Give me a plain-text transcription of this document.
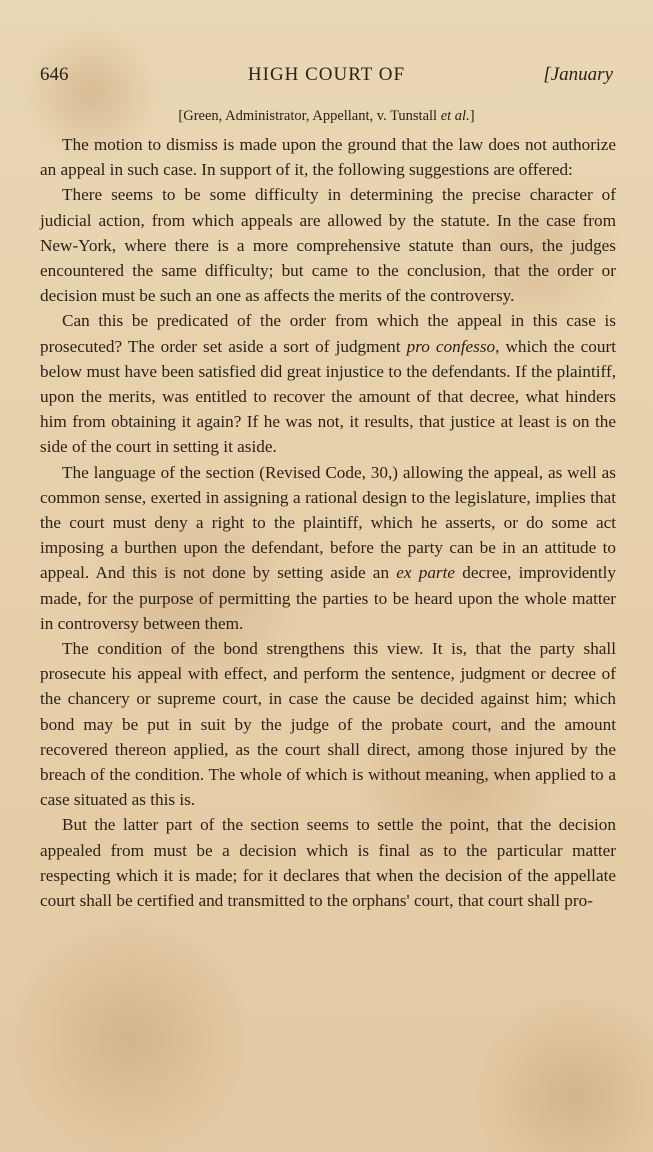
646	HIGH COURT OF	[January
[Green, Administrator, Appellant, v. Tunstall et al.]

The motion to dismiss is made upon the ground that the law does not authorize an appeal in such case. In support of it, the following suggestions are offered:

There seems to be some difficulty in determining the precise character of judicial action, from which appeals are allowed by the statute. In the case from New-York, where there is a more comprehensive statute than ours, the judges encountered the same difficulty; but came to the conclusion, that the order or decision must be such an one as affects the merits of the controversy.

Can this be predicated of the order from which the appeal in this case is prosecuted? The order set aside a sort of judgment pro confesso, which the court below must have been satisfied did great injustice to the defendants. If the plaintiff, upon the merits, was entitled to recover the amount of that decree, what hinders him from obtaining it again? If he was not, it results, that justice at least is on the side of the court in setting it aside.

The language of the section (Revised Code, 30,) allowing the appeal, as well as common sense, exerted in assigning a rational design to the legislature, implies that the court must deny a right to the plaintiff, which he asserts, or do some act imposing a burthen upon the defendant, before the party can be in an attitude to appeal. And this is not done by setting aside an ex parte decree, improvidently made, for the purpose of permitting the parties to be heard upon the whole matter in controversy between them.

The condition of the bond strengthens this view. It is, that the party shall prosecute his appeal with effect, and perform the sentence, judgment or decree of the chancery or supreme court, in case the cause be decided against him; which bond may be put in suit by the judge of the probate court, and the amount recovered thereon applied, as the court shall direct, among those injured by the breach of the condition. The whole of which is without meaning, when applied to a case situated as this is.

But the latter part of the section seems to settle the point, that the decision appealed from must be a decision which is final as to the particular matter respecting which it is made; for it declares that when the decision of the appellate court shall be certified and transmitted to the orphans' court, that court shall pro-
